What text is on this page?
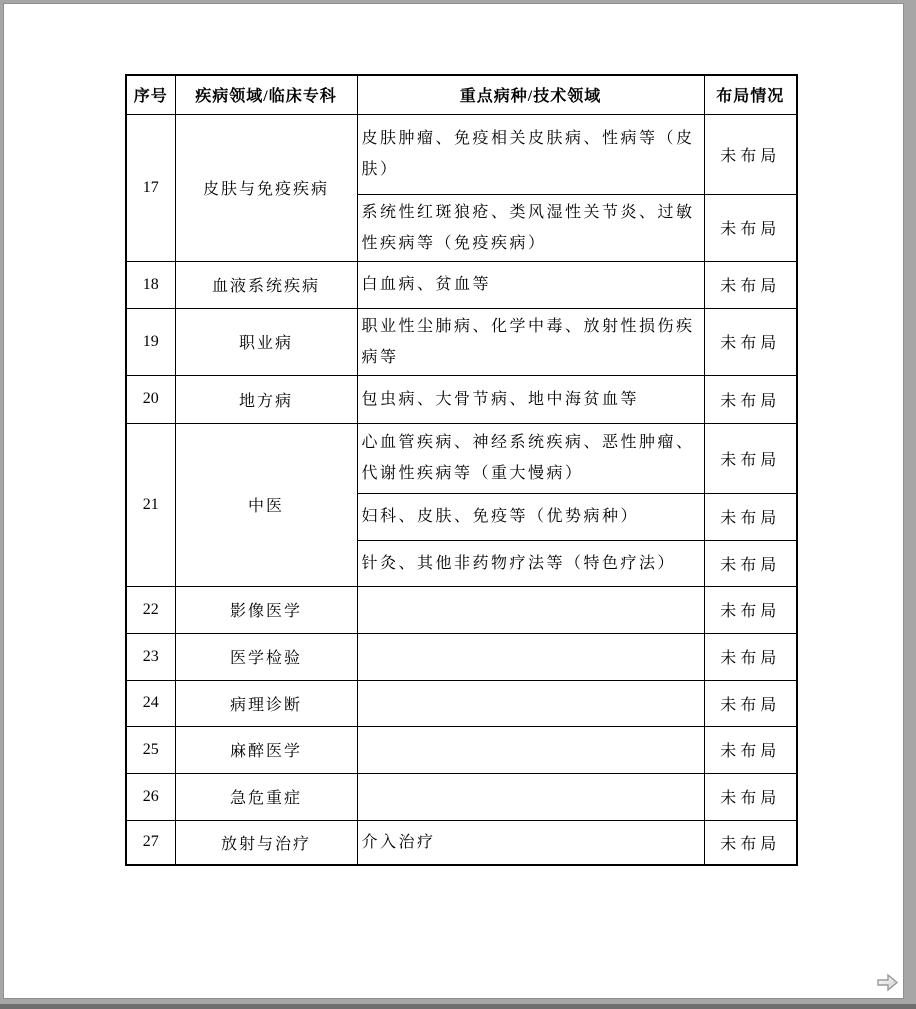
序号	疾病领域/临床专科	重点病种/技术领域	布局情况
17	皮肤与免疫疾病	皮肤肿瘤、免疫相关皮肤病、性病等（皮肤）	未布局
		系统性红斑狼疮、类风湿性关节炎、过敏性疾病等（免疫疾病）	未布局
18	血液系统疾病	白血病、贫血等	未布局
19	职业病	职业性尘肺病、化学中毒、放射性损伤疾病等	未布局
20	地方病	包虫病、大骨节病、地中海贫血等	未布局
21	中医	心血管疾病、神经系统疾病、恶性肿瘤、代谢性疾病等（重大慢病）	未布局
		妇科、皮肤、免疫等（优势病种）	未布局
		针灸、其他非药物疗法等（特色疗法）	未布局
22	影像医学		未布局
23	医学检验		未布局
24	病理诊断		未布局
25	麻醉医学		未布局
26	急危重症		未布局
27	放射与治疗	介入治疗	未布局
